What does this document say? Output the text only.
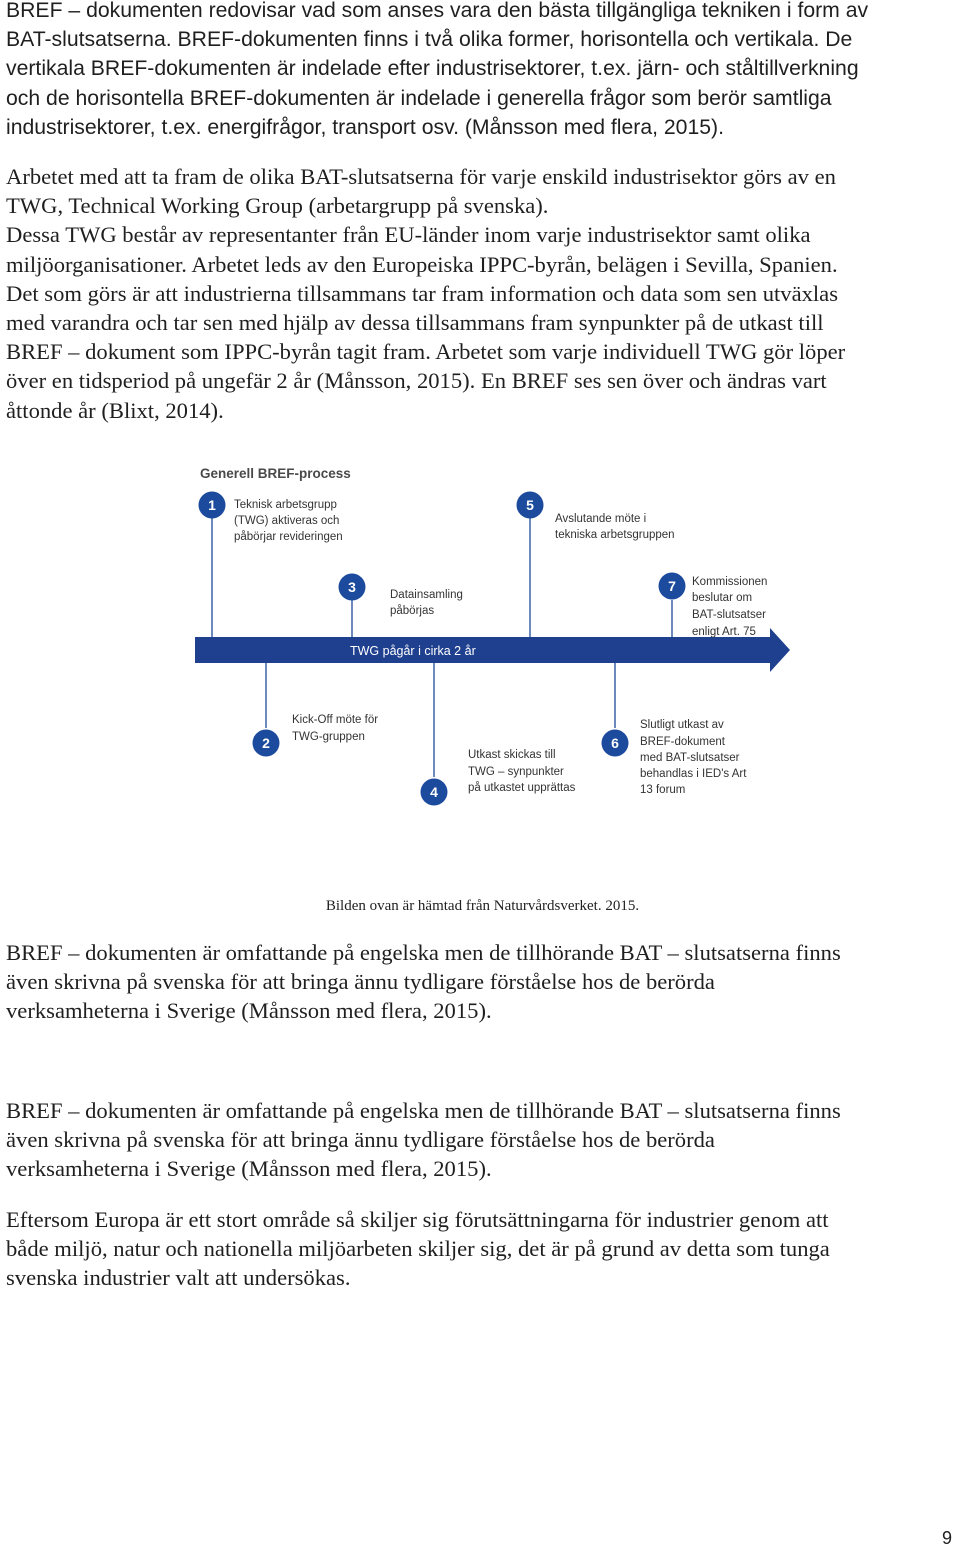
BREF – dokumenten redovisar vad som anses vara den bästa tillgängliga tekniken i form av
BAT-slutsatserna. BREF-dokumenten finns i två olika former, horisontella och vertikala. De
vertikala BREF-dokumenten är indelade efter industrisektorer, t.ex. järn- och ståltillverkning
och de horisontella BREF-dokumenten är indelade i generella frågor som berör samtliga
industrisektorer, t.ex. energifrågor, transport osv. (Månsson med flera, 2015).
Arbetet med att ta fram de olika BAT-slutsatserna för varje enskild industrisektor görs av en
TWG, Technical Working Group (arbetargrupp på svenska).
Dessa TWG består av representanter från EU-länder inom varje industrisektor samt olika
miljöorganisationer. Arbetet leds av den Europeiska IPPC-byrån, belägen i Sevilla, Spanien.
Det som görs är att industrierna tillsammans tar fram information och data som sen utväxlas
med varandra och tar sen med hjälp av dessa tillsammans fram synpunkter på de utkast till
BREF – dokument som IPPC-byrån tagit fram. Arbetet som varje individuell TWG gör löper
över en tidsperiod på ungefär 2 år (Månsson, 2015). En BREF ses sen över och ändras vart
åttonde år (Blixt, 2014).
Generell BREF-process
TWG pågår i cirka 2 år
1 Teknisk arbetsgrupp
(TWG) aktiveras och
påbörjar revideringen
3	Datainsamling
påbörjas
5
Avslutande möte i
tekniska arbetsgruppen
7 Kommissionen
beslutar om
BAT-slutsatser
enligt Art. 75
2
Kick-Off möte för
TWG-gruppen
4
Utkast skickas till
TWG – synpunkter
på utkastet upprättas
6
Slutligt utkast av
BREF-dokument
med BAT-slutsatser
behandlas i IED's Art
13 forum
Bilden ovan är hämtad från Naturvårdsverket. 2015.
BREF – dokumenten är omfattande på engelska men de tillhörande BAT – slutsatserna finns
även skrivna på svenska för att bringa ännu tydligare förståelse hos de berörda
verksamheterna i Sverige (Månsson med flera, 2015).
BREF – dokumenten är omfattande på engelska men de tillhörande BAT – slutsatserna finns
även skrivna på svenska för att bringa ännu tydligare förståelse hos de berörda
verksamheterna i Sverige (Månsson med flera, 2015).
Eftersom Europa är ett stort område så skiljer sig förutsättningarna för industrier genom att
både miljö, natur och nationella miljöarbeten skiljer sig, det är på grund av detta som tunga
svenska industrier valt att undersökas.
9
